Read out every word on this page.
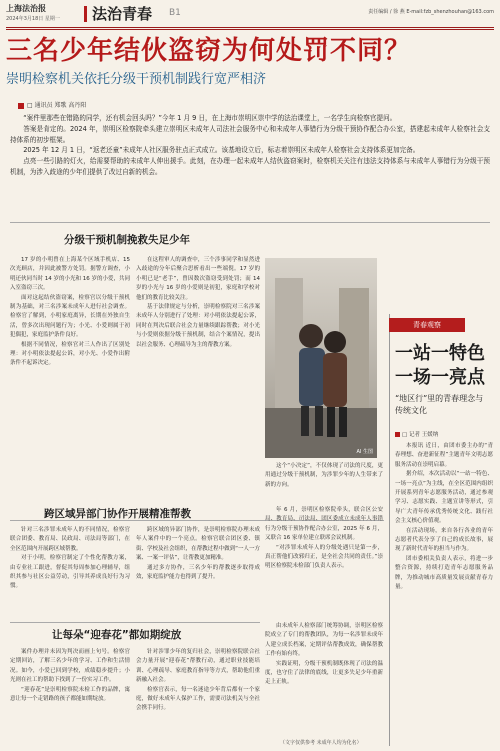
上海法治报
2024年3月18日 星期一 法治青春 B1	责任编辑 / 徐 燕 E-mail:fzb_shenzhouhan@163.com
三名少年结伙盗窃为何处罚不同？
崇明检察机关依托分级干预机制践行宽严相济
□ 通讯员 郑歌 高丹阳

“案件里那些在错路的同学，还有机会回头吗？”今年 1 月 9 日，在上海市崇明区崇中学的法治课堂上，一名学生向检察官提问。

答案是肯定的。2024 年，崇明区检察院牵头建立崇明区未成年人司法社会服务中心和未成年人事错行为分级干预协作配合办公室，搭建起未成年人检察社会支持体系的初步框架。

2025 年 12 月 1 日，“返老还童”未成年人社区服务驻点正式成立。该基地设立后，标志着崇明区未成年人检察社会支持体系更加完备。

点亮一些引路的灯火，给需要帮助的未成年人伸出援手。此刻，在办理一起未成年人结伙盗窃案时，检察机关关注有违法支持体系与未成年人事错行为分级干预机制，为涉入歧途的少年们提供了改过自新的机会。

分级干预机制挽救失足少年

17 岁的小明曾在上海某个区域手机店、15 次光顾店，并因此被警方处罚。据警方调查，小明还伙同当时 14 岁的小光和 16 岁的小爱，共同入室盗窃三次。

面对这起结伙盗窃案，检察官以分级干预机制为基础，对三名涉案未成年人进行社会调查。检察官了解到，小明家庭离异，长期在外独自生活，曾多次出现问题行为；小光、小爱则属于初犯偶犯，家庭监护条件良好。

根据不同情况，检察官对三人作出了区别处理：对小明依法提起公诉，对小光、小爱作出附条件不起诉决定。

在这程审人的调查中，三个涉事同学和显然进入歧途的分年后聚合思析看出一些端倪。17 岁的小明已是“老手”，曾因数次盗窃受到处罚；而 14 岁的小光与 16 岁的小爱则是初犯，家庭和学校对他们的教育比较关注。

基于法律规定与分析，崇明检察院对三名涉案未成年人分别进行了处理：对小明依法提起公诉，同时在判决后联合社会力量继续跟踪帮教；对小光与小爱则依据分级干预机制，结合个案情况，提出以社会服务、心理疏导为主的帮教方案。

AI 生图

这个“小决定”，不仅体现了司法的尺度，更用通过分级干预机制，为涉罪少年的人生带来了新的方向。

跨区域异部门协作开展精准帮教

针对三名涉罪未成年人的不同情况，检察官联合团委、教育局、民政局、司法局等部门，在全区范围内开展跨区域帮教。

对于小明，检察官制定了个性化帮教方案，由专业社工跟进，督促其每周参加心理辅导，组织其参与社区公益劳动，引导其养成良好行为习惯。

跨区域的异部门协作，是崇明检察院办理未成年人案件中的一个亮点。检察官联合团区委、镇街、学校及社会组织，在帮教过程中做到“一人一方案、一案一评估”，让帮教更加精准。

通过多方协作，三名少年的帮教逐步取得成效，家庭监护能力也得到了提升。

年 6 月，崇明区检察院牵头，联合区公安局、教育局、司法局、团区委成立未成年人事错行为分级干预协作配合办公室，2025 年 6 月，又联合 16 家单位建立联席会议机制。

“对涉罪未成年人的分级处遇只是第一步，真正帮他们改邪归正，是全社会共同的责任。”崇明区检察院未检部门负责人表示。

让每朵“迎春花”都如期绽放

案件办理并未因为判决而画上句号。检察官定期回访，了解三名少年的学习、工作和生活情况。如今，小爱已回到学校，成绩稳步提升；小光则在社工的帮助下找到了一份实习工作。

“迎春花”是崇明检察院未检工作的品牌，寓意让每一个走错路的孩子都能如期绽放。

针对涉罪少年的复归社会，崇明检察院联合社会力量开展“迎春花”帮教行动，通过职业技能培训、心理疏导、家庭教育指导等方式，帮助他们重新融入社会。

检察官表示，每一名迷途少年背后都有一个家庭，做好未成年人保护工作，需要司法机关与全社会携手同行。

由未成年人检察部门统筹协调，崇明区检察院成立了专门的帮教团队，为每一名涉罪未成年人建立成长档案，定期评估帮教成效，确保帮教工作有始有终。

实践证明，分级干预机制既体现了司法的温度，也守住了法律的底线，让更多失足少年重新走上正轨。

青春观察
一站一特色 一场一亮点
“地区行”里的青春理念与传统文化
□ 记者 王媛纳

本报讯 近日，由团市委主办的“青春理想、奋进新征程”主题青年文明志愿服务活动在崇明启幕。

据介绍，本次活动以“一站一特色、一场一亮点”为主线，在全区范围内组织开展系列青年志愿服务活动，通过参观学习、志愿实践、主题宣讲等形式，引导广大青年传承优秀传统文化、践行社会主义核心价值观。

在活动现场，来自各行各业的青年志愿者代表分享了自己的成长故事，展现了新时代青年的担当与作为。

团市委相关负责人表示，将进一步整合资源，持续打造青年志愿服务品牌，为推动城市高质量发展贡献青春力量。

（文字仅供参考 未成年人均为化名）
